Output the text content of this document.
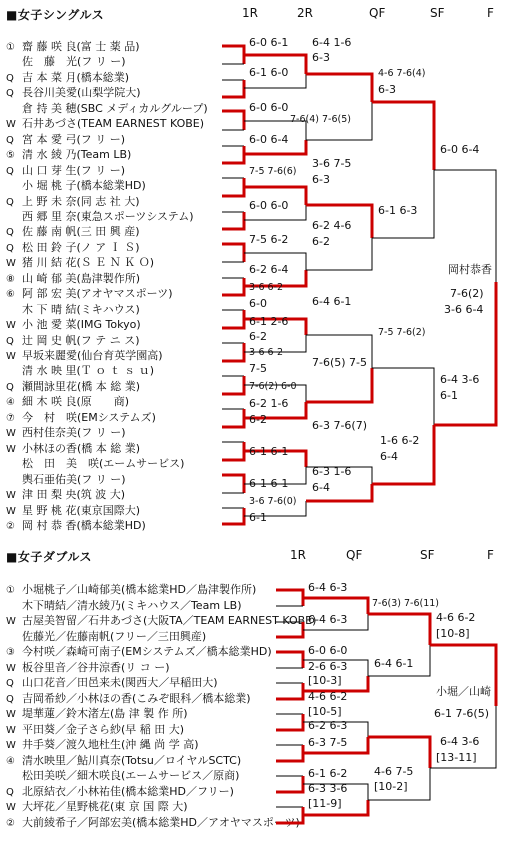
■女子シングルス	1R	2R	QF	SF	F
① 齋 藤 咲 良(富 士 薬 品)
佐　藤　光(フ リ ー)
Q 吉 本 菜 月(橋本総業)
Q 長谷川美愛(山梨学院大)
倉 持 美 穂(SBC メディカルグループ)
W 石井あづさ(TEAM EARNEST KOBE)
Q 宮 本 愛 弓(フ リ ー)
⑤ 清 水 綾 乃(Team LB)
Q 山 口 芽 生(フ リ ー)
小 堀 桃 子(橋本総業HD)
Q 上 野 未 奈(同 志 社 大)
西 郷 里 奈(東急スポーツシステム)
Q 佐 藤 南 帆(三 田 興 産)
Q 松 田 鈴 子(ノ ア Ｉ Ｓ)
W 猪 川 結 花(Ｓ Ｅ Ｎ Ｋ Ｏ)
⑧ 山 崎 郁 美(島津製作所)
⑥ 阿 部 宏 美(アオヤマスポーツ)
木 下 晴 結(ミキハウス)
W 小 池 愛 菜(IMG Tokyo)
Q 辻 岡 史 帆(フ テ ニ ス)
W 早坂来麗愛(仙台育英学園高)
清 水 映 里(Ｔ ｏ ｔ ｓ ｕ)
Q 瀬間詠里花(橋 本 総 業)
④ 細 木 咲 良(原　　商)
⑦ 今　村　咲(EMシステムズ)
W 西村佳奈美(フ リ ー)
W 小林ほの香(橋 本 総 業)
松　田　美　咲(エームサービス)
輿石亜佑美(フ リ ー)
W 津 田 梨 央(筑 波 大)
W 星 野 桃 花(東京国際大)
② 岡 村 恭 香(橋本総業HD)
■女子ダブルス	1R	QF	SF	F
① 小堀桃子／山崎郁美(橋本総業HD／島津製作所)
木下晴結／清水綾乃(ミキハウス／Team LB)
W 古屋美智留／石井あづさ(大阪TA／TEAM EARNEST KOBE)
佐藤光／佐藤南帆(フリー／三田興産)
③ 今村咲／森崎可南子(EMシステムズ／橋本総業HD)
W 板谷里音／谷井涼香(リ コ ー)
Q 山口花音／田邑来未(関西大／早稲田大)
Q 吉岡希紗／小林ほの香(こみぞ眼科／橋本総業)
W 堤華蓮／鈴木渚左(島 津 製 作 所)
W 平田葵／金子さら紗(早 稲 田 大)
W 井手葵／渡久地杜生(沖 縄 尚 学 高)
④ 清水映里／鮎川真奈(Totsu／ロイヤルSCTC)
松田美咲／細木咲良(エームサービス／原商)
Q 北原結衣／小林祐佳(橋本総業HD／フリー)
W 大坪花／星野桃花(東 京 国 際 大)
② 大前綾希子／阿部宏美(橋本総業HD／アオヤマスポーツ)
6-0 6-1
6-1 6-0
6-0 6-0
6-0 6-4
7-5 7-6(6)
6-0 6-0
7-5 6-2
6-2 6-4
3-6 6-2
6-0
6-1 2-6
6-2
3-6 6-2
7-5
7-6(2) 6-0
6-2 1-6
6-2
6-1 6-1
6-1 6-1
3-6 7-6(0)
6-1
6-4 1-6
6-3
7-6(4) 7-6(5)
3-6 7-5
6-3
6-2 4-6
6-2
6-4 6-1
7-6(5) 7-5
6-3 7-6(7)
6-3 1-6
6-4
4-6 7-6(4)
6-3
6-1 6-3
7-5 7-6(2)
1-6 6-2
6-4
6-0 6-4
岡村恭香
7-6(2)
3-6 6-4
6-4 3-6
6-1
6-4 6-3
6-4 6-3
6-0 6-0
2-6 6-3
[10-3]
4-6 6-2
[10-5]
6-2 6-3
6-3 7-5
6-1 6-2
6-3 3-6
[11-9]
7-6(3) 7-6(11)
6-4 6-1
6-1 7-6(5)
4-6 7-5
[10-2]
4-6 6-2
[10-8]
小堀／山崎
6-4 3-6
[13-11]
